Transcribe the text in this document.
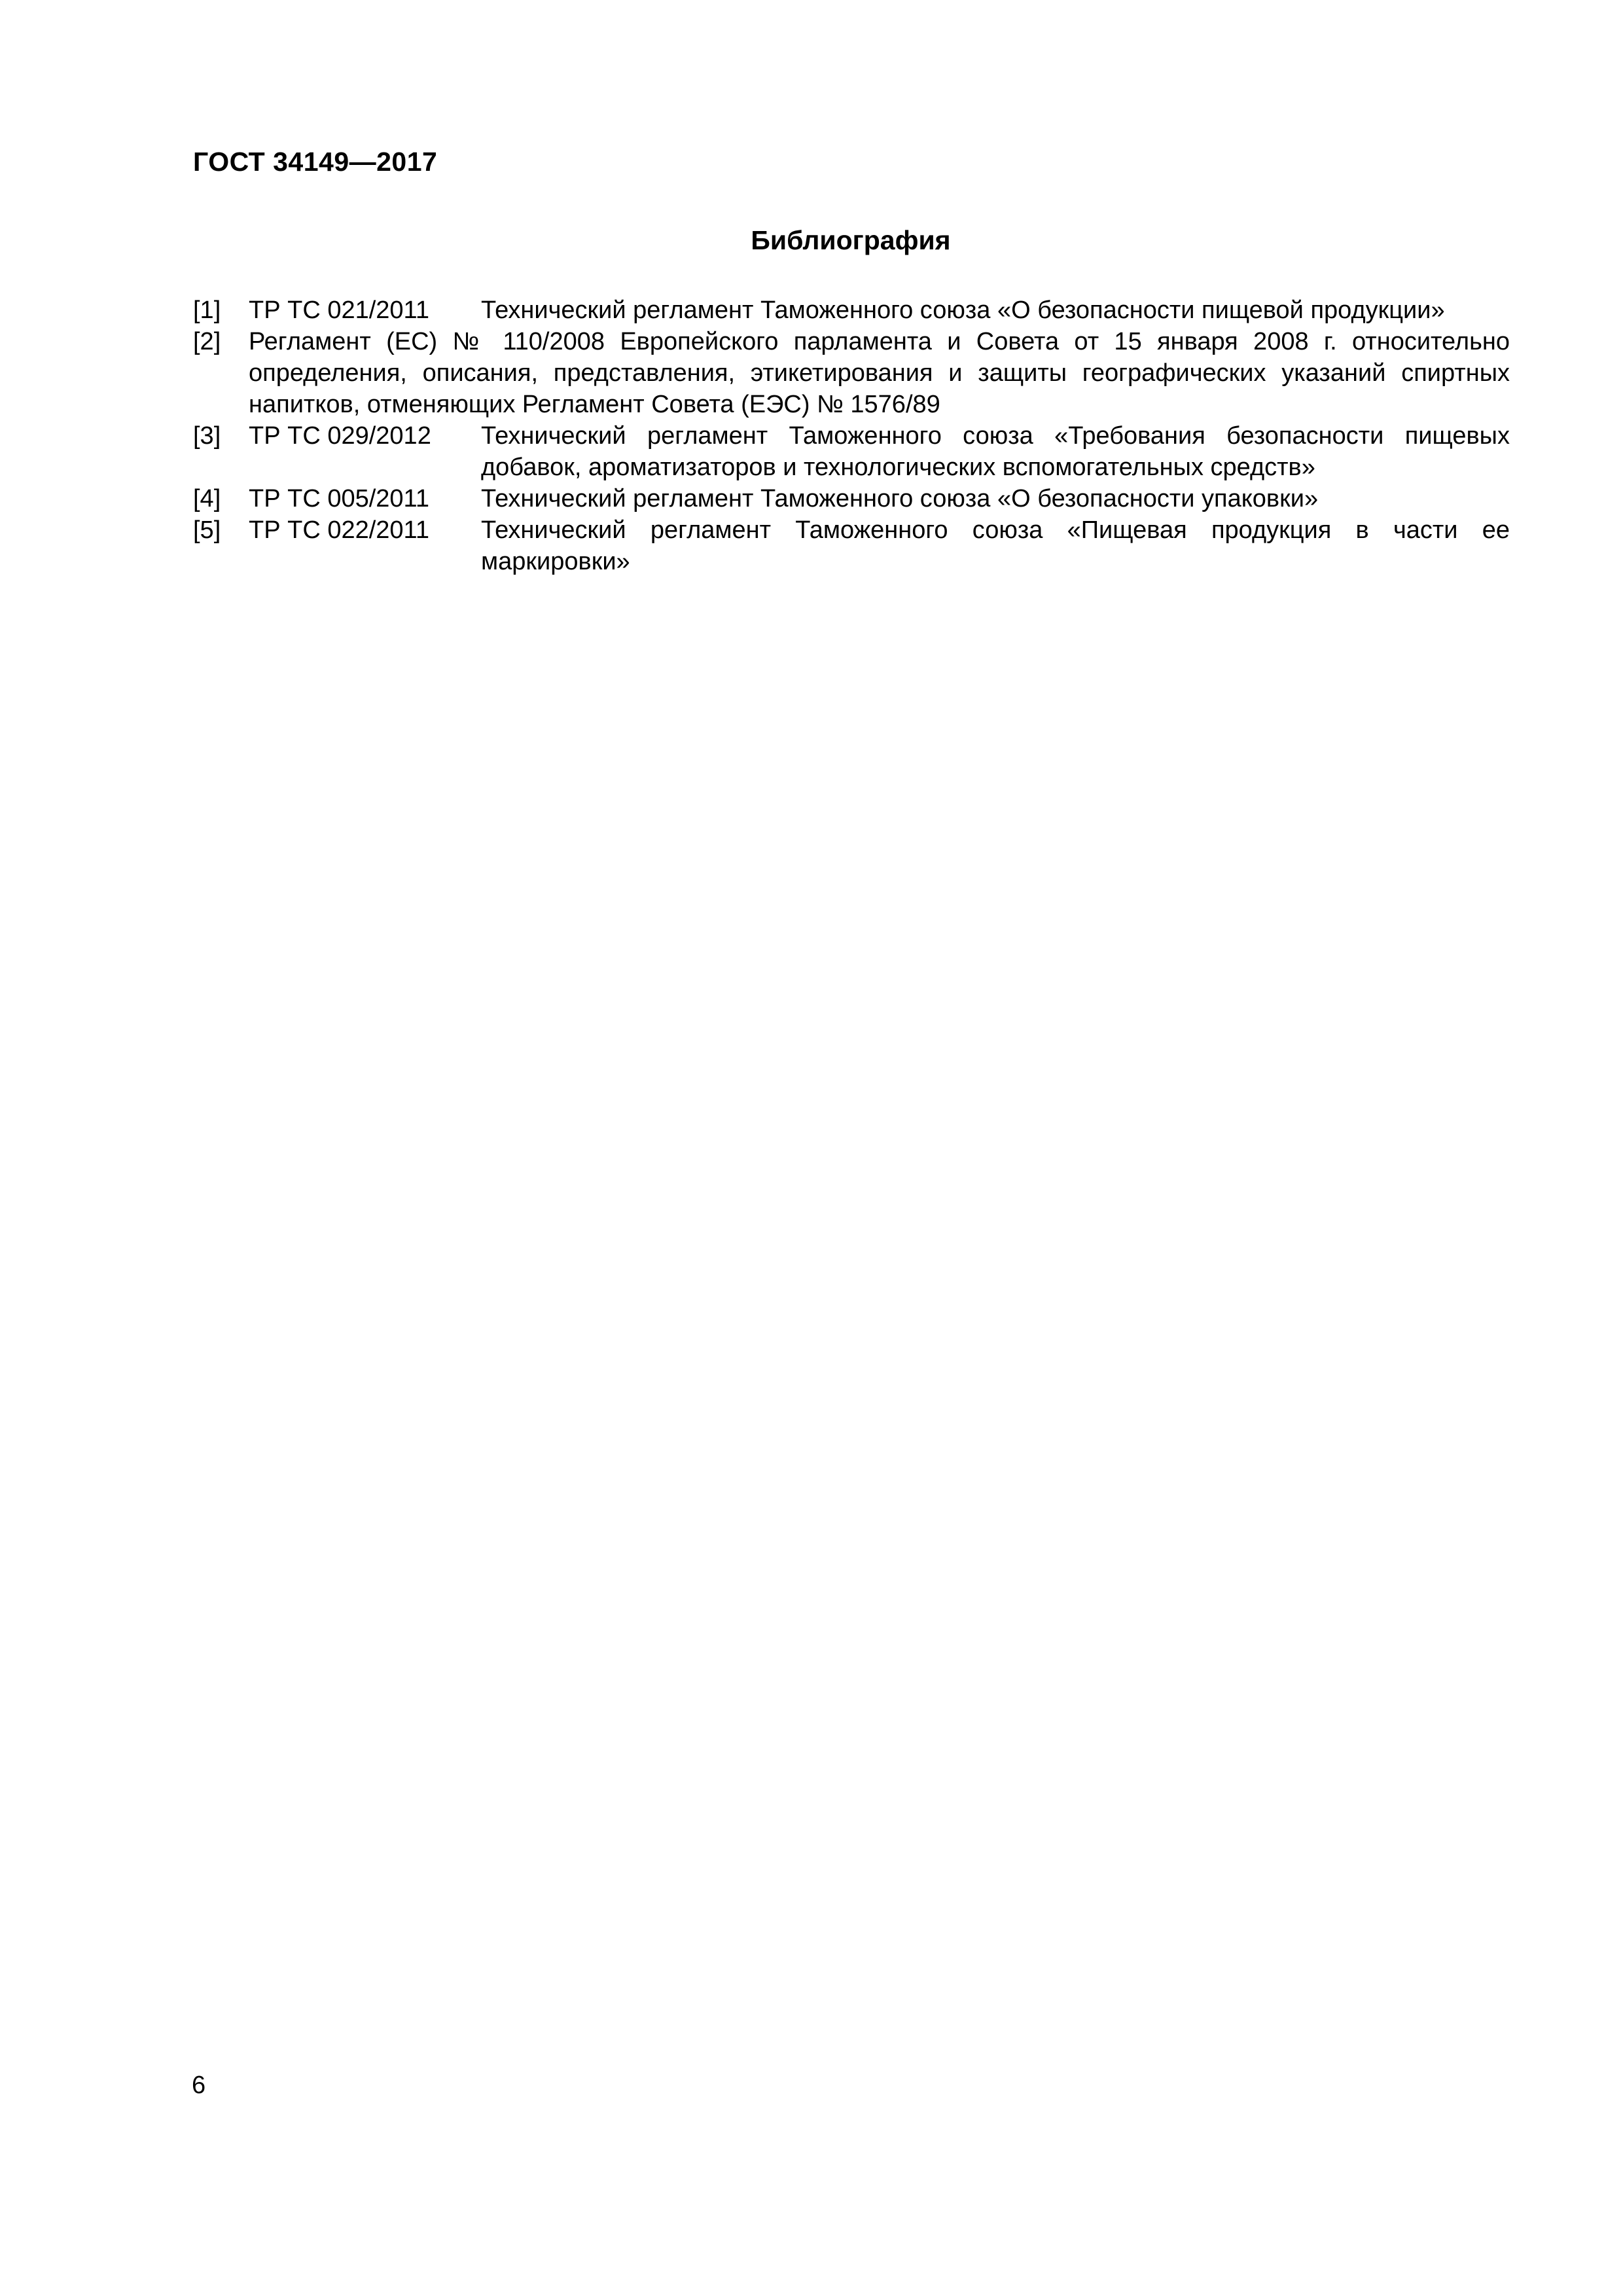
ГОСТ 34149—2017
Библиография
[1]	ТР ТС 021/2011	Технический регламент Таможенного союза «О безопасности пищевой продукции»
[2]	Регламент (ЕС) № 110/2008 Европейского парламента и Совета от 15 января 2008 г. относительно определения, описания, представления, этикетирования и защиты географических указаний спиртных напитков, отменяющих Регламент Совета (ЕЭС) № 1576/89
[3]	ТР ТС 029/2012	Технический регламент Таможенного союза «Требования безопасности пищевых добавок, ароматизаторов и технологических вспомогательных средств»
[4]	ТР ТС 005/2011	Технический регламент Таможенного союза «О безопасности упаковки»
[5]	ТР ТС 022/2011	Технический регламент Таможенного союза «Пищевая продукция в части ее маркировки»
6
